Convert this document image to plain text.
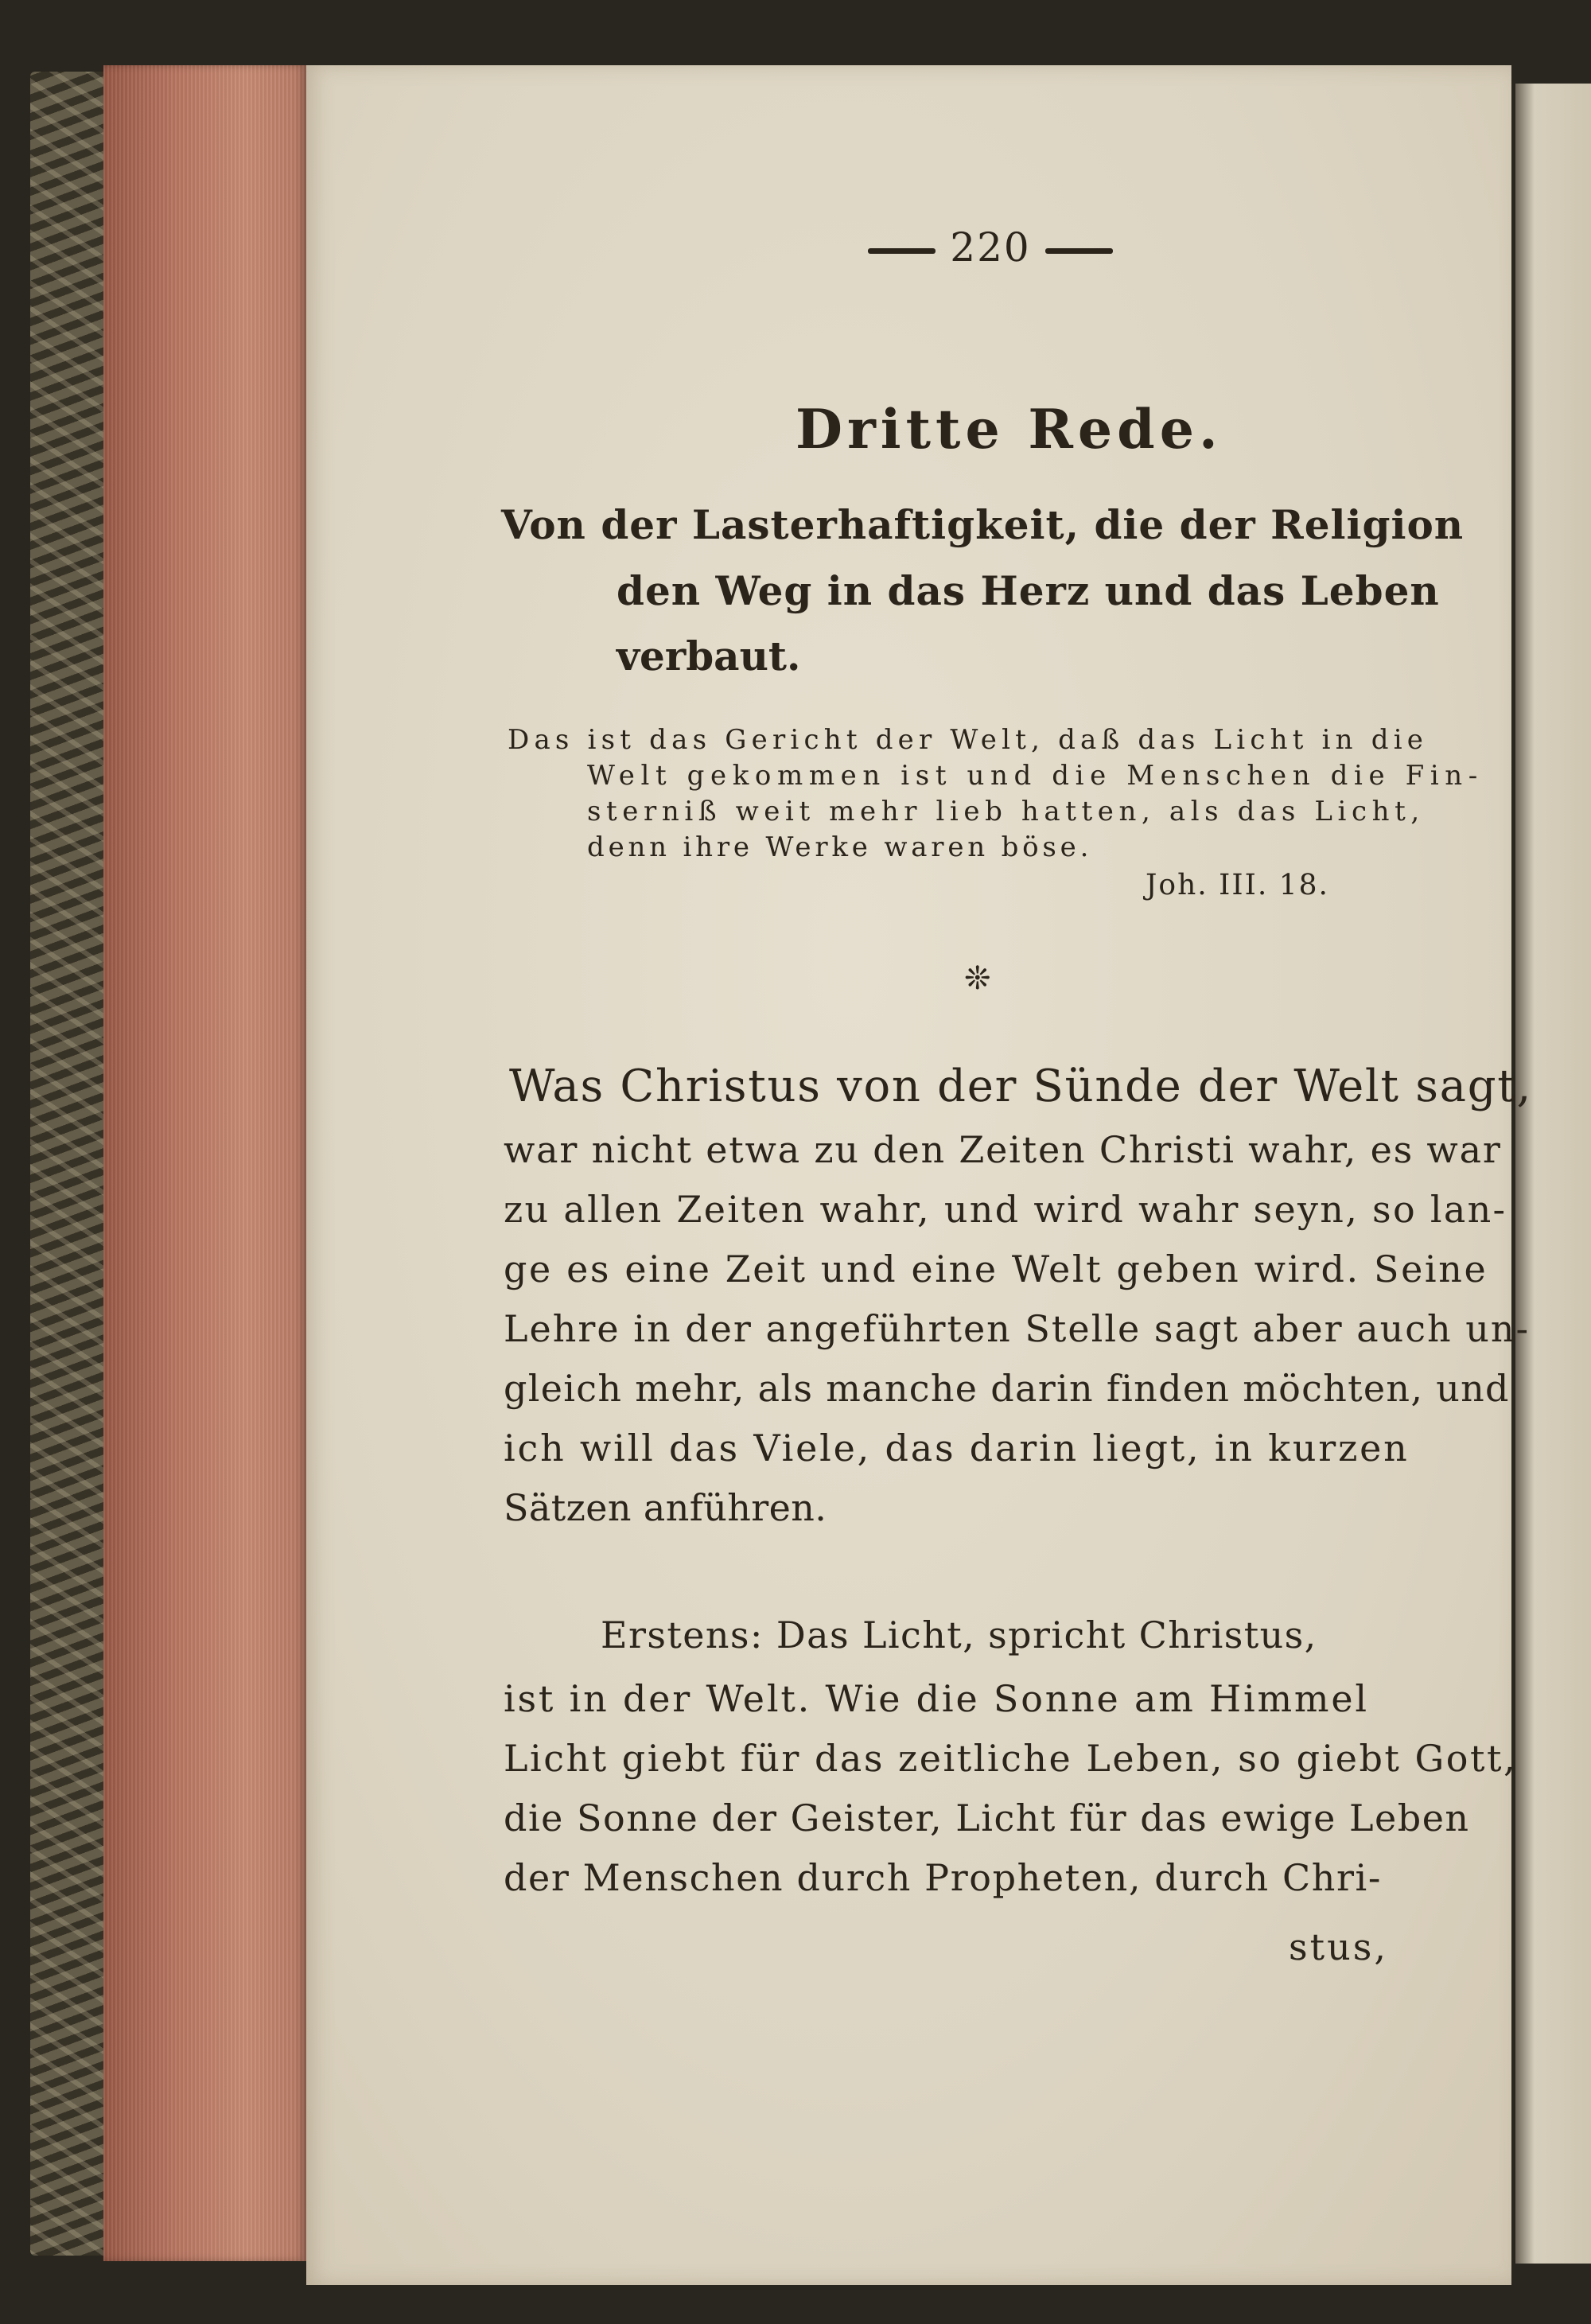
220
Dritte Rede.
Von der Lasterhaftigkeit, die der Religion
den Weg in das Herz und das Leben
verbaut.
Das ist das Gericht der Welt, daß das Licht in die
Welt gekommen ist und die Menschen die Fin-
sterniß weit mehr lieb hatten, als das Licht,
denn ihre Werke waren böse.
Joh. III. 18.
❊
Was Christus von der Sünde der Welt sagt,
war nicht etwa zu den Zeiten Christi wahr, es war
zu allen Zeiten wahr, und wird wahr seyn, so lan-
ge es eine Zeit und eine Welt geben wird. Seine
Lehre in der angeführten Stelle sagt aber auch un-
gleich mehr, als manche darin finden möchten, und
ich will das Viele, das darin liegt, in kurzen
Sätzen anführen.
Erstens: Das Licht, spricht Christus,
ist in der Welt. Wie die Sonne am Himmel
Licht giebt für das zeitliche Leben, so giebt Gott,
die Sonne der Geister, Licht für das ewige Leben
der Menschen durch Propheten, durch Chri-
stus,
